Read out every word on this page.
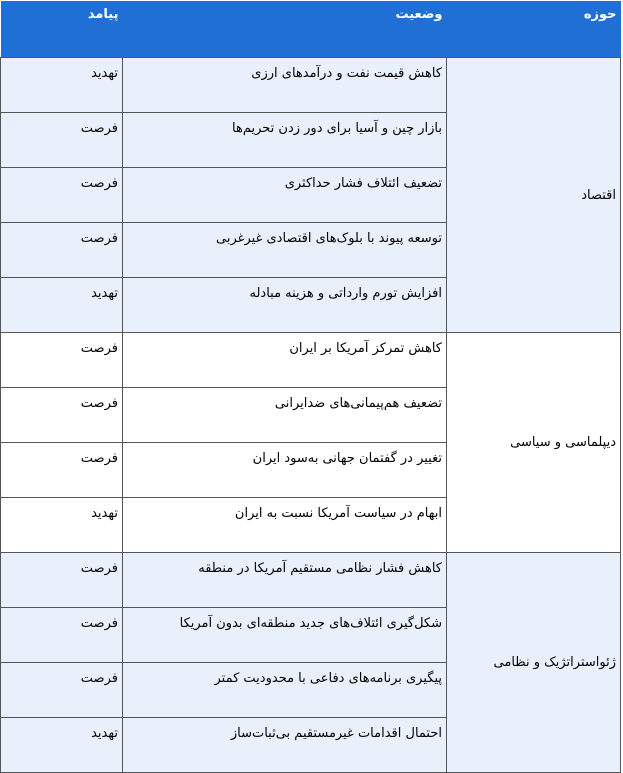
حوزه	وضعیت	پیامد
اقتصاد	کاهش قیمت نفت و درآمدهای ارزی	تهدید
	بازار چین و آسیا برای دور زدن تحریم‌ها	فرصت
	تضعیف ائتلاف فشار حداکثری	فرصت
	توسعه پیوند با بلوک‌های اقتصادی غیرغربی	فرصت
	افزایش تورم وارداتی و هزینه مبادله	تهدید
دیپلماسی و سیاسی	کاهش تمرکز آمریکا بر ایران	فرصت
	تضعیف هم‌پیمانی‌های ضدایرانی	فرصت
	تغییر در گفتمان جهانی به‌سود ایران	فرصت
	ابهام در سیاست آمریکا نسبت به ایران	تهدید
ژئواستراتژیک و نظامی	کاهش فشار نظامی مستقیم آمریکا در منطقه	فرصت
	شکل‌گیری ائتلاف‌های جدید منطقه‌ای بدون آمریکا	فرصت
	پیگیری برنامه‌های دفاعی با محدودیت کمتر	فرصت
	احتمال اقدامات غیرمستقیم بی‌ثبات‌ساز	تهدید
